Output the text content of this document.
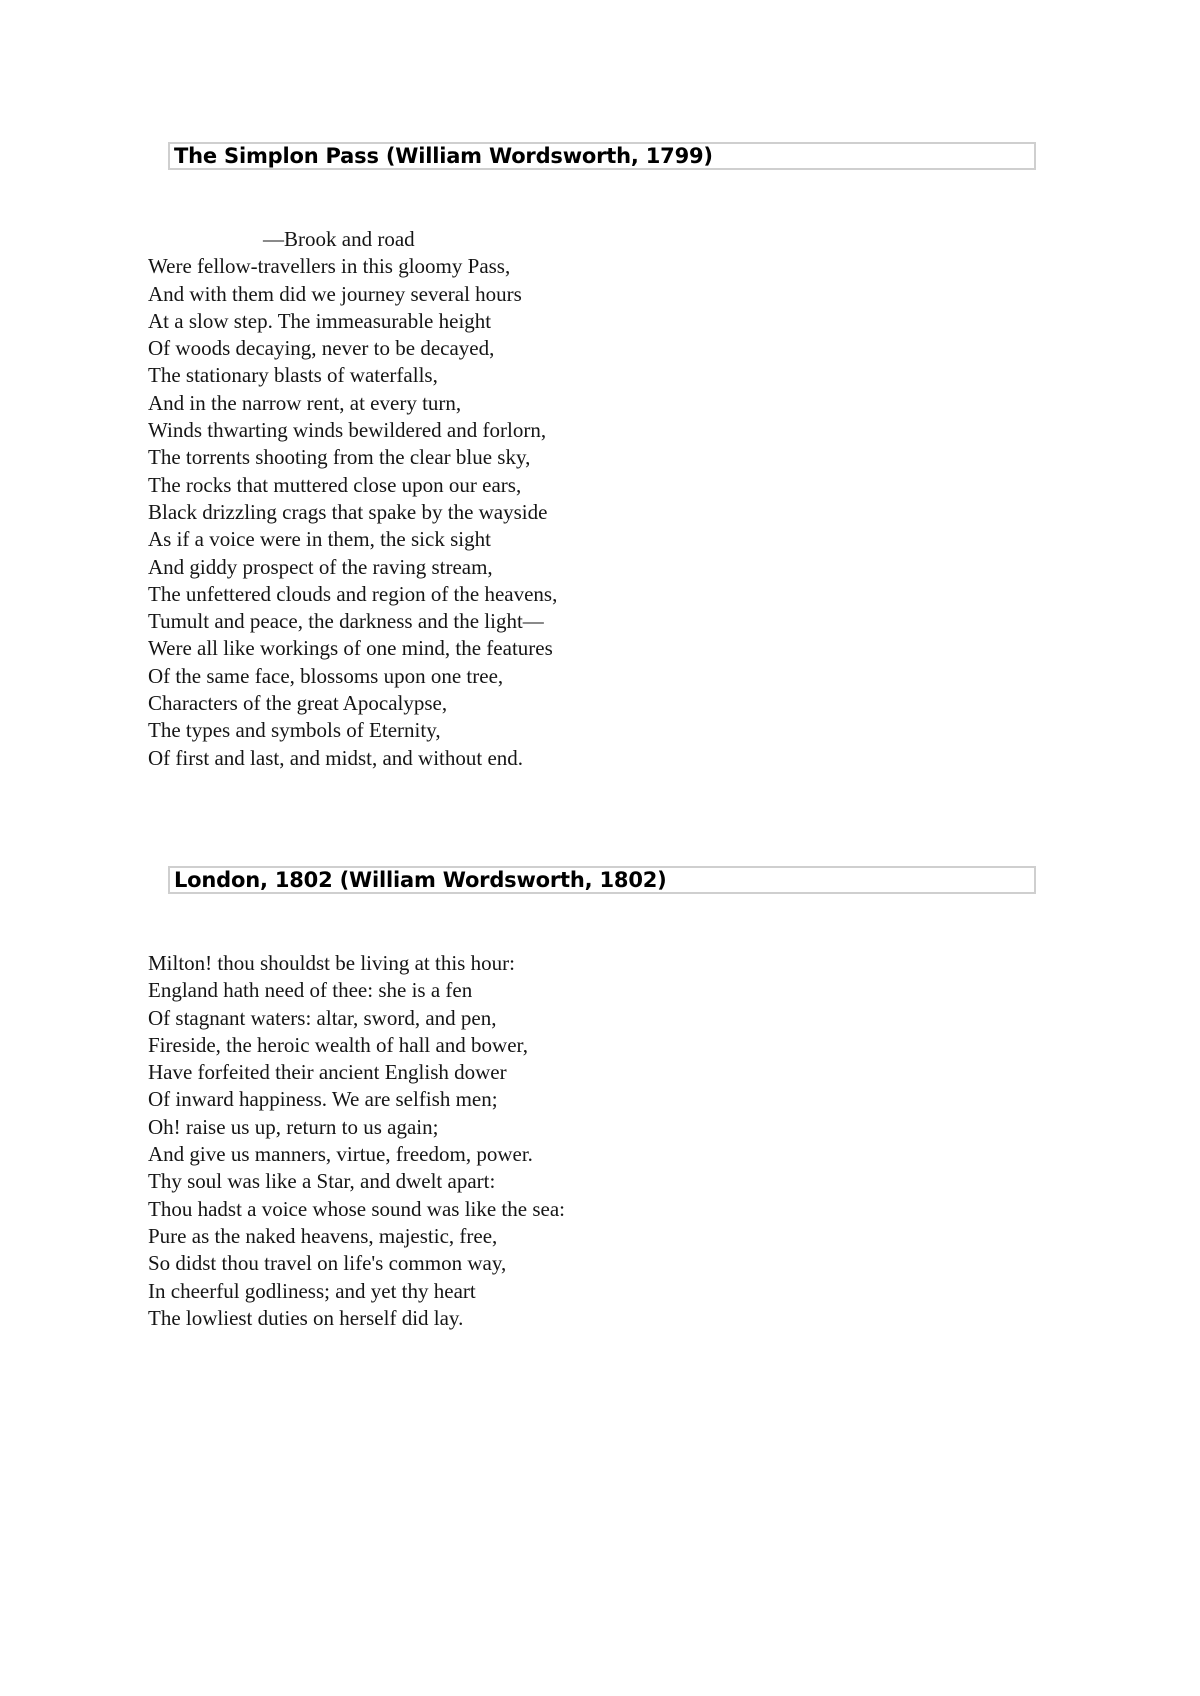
The Simplon Pass (William Wordsworth, 1799)
—Brook and road
Were fellow-travellers in this gloomy Pass,
And with them did we journey several hours
At a slow step. The immeasurable height
Of woods decaying, never to be decayed,
The stationary blasts of waterfalls,
And in the narrow rent, at every turn,
Winds thwarting winds bewildered and forlorn,
The torrents shooting from the clear blue sky,
The rocks that muttered close upon our ears,
Black drizzling crags that spake by the wayside
As if a voice were in them, the sick sight
And giddy prospect of the raving stream,
The unfettered clouds and region of the heavens,
Tumult and peace, the darkness and the light—
Were all like workings of one mind, the features
Of the same face, blossoms upon one tree,
Characters of the great Apocalypse,
The types and symbols of Eternity,
Of first and last, and midst, and without end.
London, 1802 (William Wordsworth, 1802)
Milton! thou shouldst be living at this hour:
England hath need of thee: she is a fen
Of stagnant waters: altar, sword, and pen,
Fireside, the heroic wealth of hall and bower,
Have forfeited their ancient English dower
Of inward happiness. We are selfish men;
Oh! raise us up, return to us again;
And give us manners, virtue, freedom, power.
Thy soul was like a Star, and dwelt apart:
Thou hadst a voice whose sound was like the sea:
Pure as the naked heavens, majestic, free,
So didst thou travel on life's common way,
In cheerful godliness; and yet thy heart
The lowliest duties on herself did lay.
